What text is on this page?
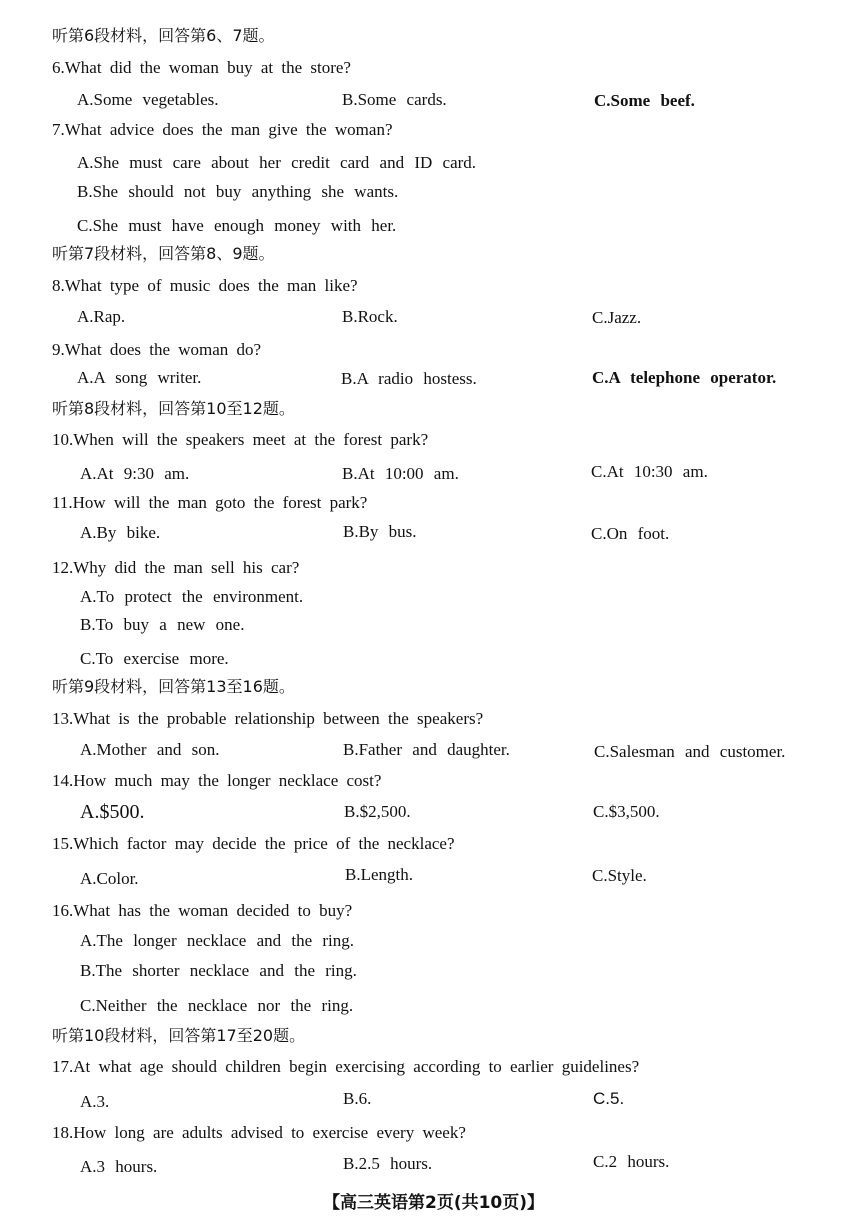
听第6段材料，回答第6、7题。
6.What did the woman buy at the store?
A.Some vegetables.	B.Some cards.	C.Some beef.
7.What advice does the man give the woman?
A.She must care about her credit card and ID card.
B.She should not buy anything she wants.
C.She must have enough money with her.
听第7段材料，回答第8、9题。
8.What type of music does the man like?
A.Rap.	B.Rock.	C.Jazz.
9.What does the woman do?
A.A song writer.	B.A radio hostess.	C.A telephone operator.
听第8段材料，回答第10至12题。
10.When will the speakers meet at the forest park?
A.At 9:30 am.	B.At 10:00 am.	C.At 10:30 am.
11.How will the man goto the forest park?
A.By bike.	B.By bus.	C.On foot.
12.Why did the man sell his car?
A.To protect the environment.
B.To buy a new one.
C.To exercise more.
听第9段材料，回答第13至16题。
13.What is the probable relationship between the speakers?
A.Mother and son.	B.Father and daughter.	C.Salesman and customer.
14.How much may the longer necklace cost?
A.$500.	B.$2,500.	C.$3,500.
15.Which factor may decide the price of the necklace?
A.Color.	B.Length.	C.Style.
16.What has the woman decided to buy?
A.The longer necklace and the ring.
B.The shorter necklace and the ring.
C.Neither the necklace nor the ring.
听第10段材料，回答第17至20题。
17.At what age should children begin exercising according to earlier guidelines?
A.3.	B.6.	C.5.
18.How long are adults advised to exercise every week?
A.3 hours.	B.2.5 hours.	C.2 hours.
【高三英语第2页(共10页)】
